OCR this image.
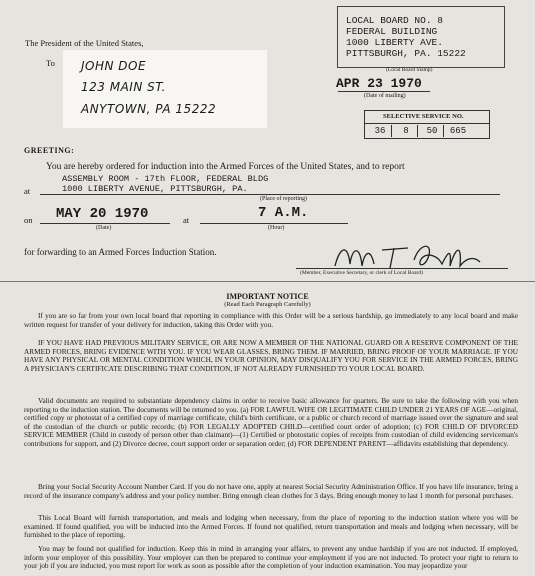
LOCAL BOARD NO. 8
FEDERAL BUILDING
1000 LIBERTY AVE.
PITTSBURGH, PA. 15222
(Local Board Stamp)
The President of the United States,
To JOHN DOE
123 MAIN ST.
ANYTOWN, PA 15222
APR 23 1970
(Date of mailing)
SELECTIVE SERVICE NO.
36	8	50	665
GREETING:
You are hereby ordered for induction into the Armed Forces of the United States, and to report
at
ASSEMBLY ROOM - 17th FLOOR, FEDERAL BLDG
1000 LIBERTY AVENUE, PITTSBURGH, PA.
(Place of reporting)
on MAY 20 1970
(Date)
at	7 A.M.
(Hour)
for forwarding to an Armed Forces Induction Station.
(Member, Executive Secretary, or clerk of Local Board)
IMPORTANT NOTICE
(Read Each Paragraph Carefully)
If you are so far from your own local board that reporting in compliance with this Order will be a serious hardship, go immediately to any local board and make written request for transfer of your delivery for induction, taking this Order with you.
IF YOU HAVE HAD PREVIOUS MILITARY SERVICE, OR ARE NOW A MEMBER OF THE NATIONAL GUARD OR A RESERVE COMPONENT OF THE ARMED FORCES, BRING EVIDENCE WITH YOU. IF YOU WEAR GLASSES, BRING THEM. IF MARRIED, BRING PROOF OF YOUR MARRIAGE. IF YOU HAVE ANY PHYSICAL OR MENTAL CONDITION WHICH, IN YOUR OPINION, MAY DISQUALIFY YOU FOR SERVICE IN THE ARMED FORCES, BRING A PHYSICIAN'S CERTIFICATE DESCRIBING THAT CONDITION, IF NOT ALREADY FURNISHED TO YOUR LOCAL BOARD.
Valid documents are required to substantiate dependency claims in order to receive basic allowance for quarters. Be sure to take the following with you when reporting to the induction station. The documents will be returned to you. (a) FOR LAWFUL WIFE OR LEGITIMATE CHILD UNDER 21 YEARS OF AGE—original, certified copy or photostat of a certified copy of marriage certificate, child's birth certificate, or a public or church record of marriage issued over the signature and seal of the custodian of the church or public records; (b) FOR LEGALLY ADOPTED CHILD—certified court order of adoption; (c) FOR CHILD OF DIVORCED SERVICE MEMBER (Child in custody of person other than claimant)—(1) Certified or photostatic copies of receipts from custodian of child evidencing serviceman's contributions for support, and (2) Divorce decree, court support order or separation order; (d) FOR DEPENDENT PARENT—affidavits establishing that dependency.
Bring your Social Security Account Number Card. If you do not have one, apply at nearest Social Security Administration Office. If you have life insurance, bring a record of the insurance company's address and your policy number. Bring enough clean clothes for 3 days. Bring enough money to last 1 month for personal purchases.
This Local Board will furnish transportation, and meals and lodging when necessary, from the place of reporting to the induction station where you will be examined. If found qualified, you will be inducted into the Armed Forces. If found not qualified, return transportation and meals and lodging when necessary, will be furnished to the place of reporting.
You may be found not qualified for induction. Keep this in mind in arranging your affairs, to prevent any undue hardship if you are not inducted. If employed, inform your employer of this possibility. Your employer can then be prepared to continue your employment if you are not inducted. To protect your right to return to your job if you are inducted, you must report for work as soon as possible after the completion of your induction examination. You may jeopardize your
